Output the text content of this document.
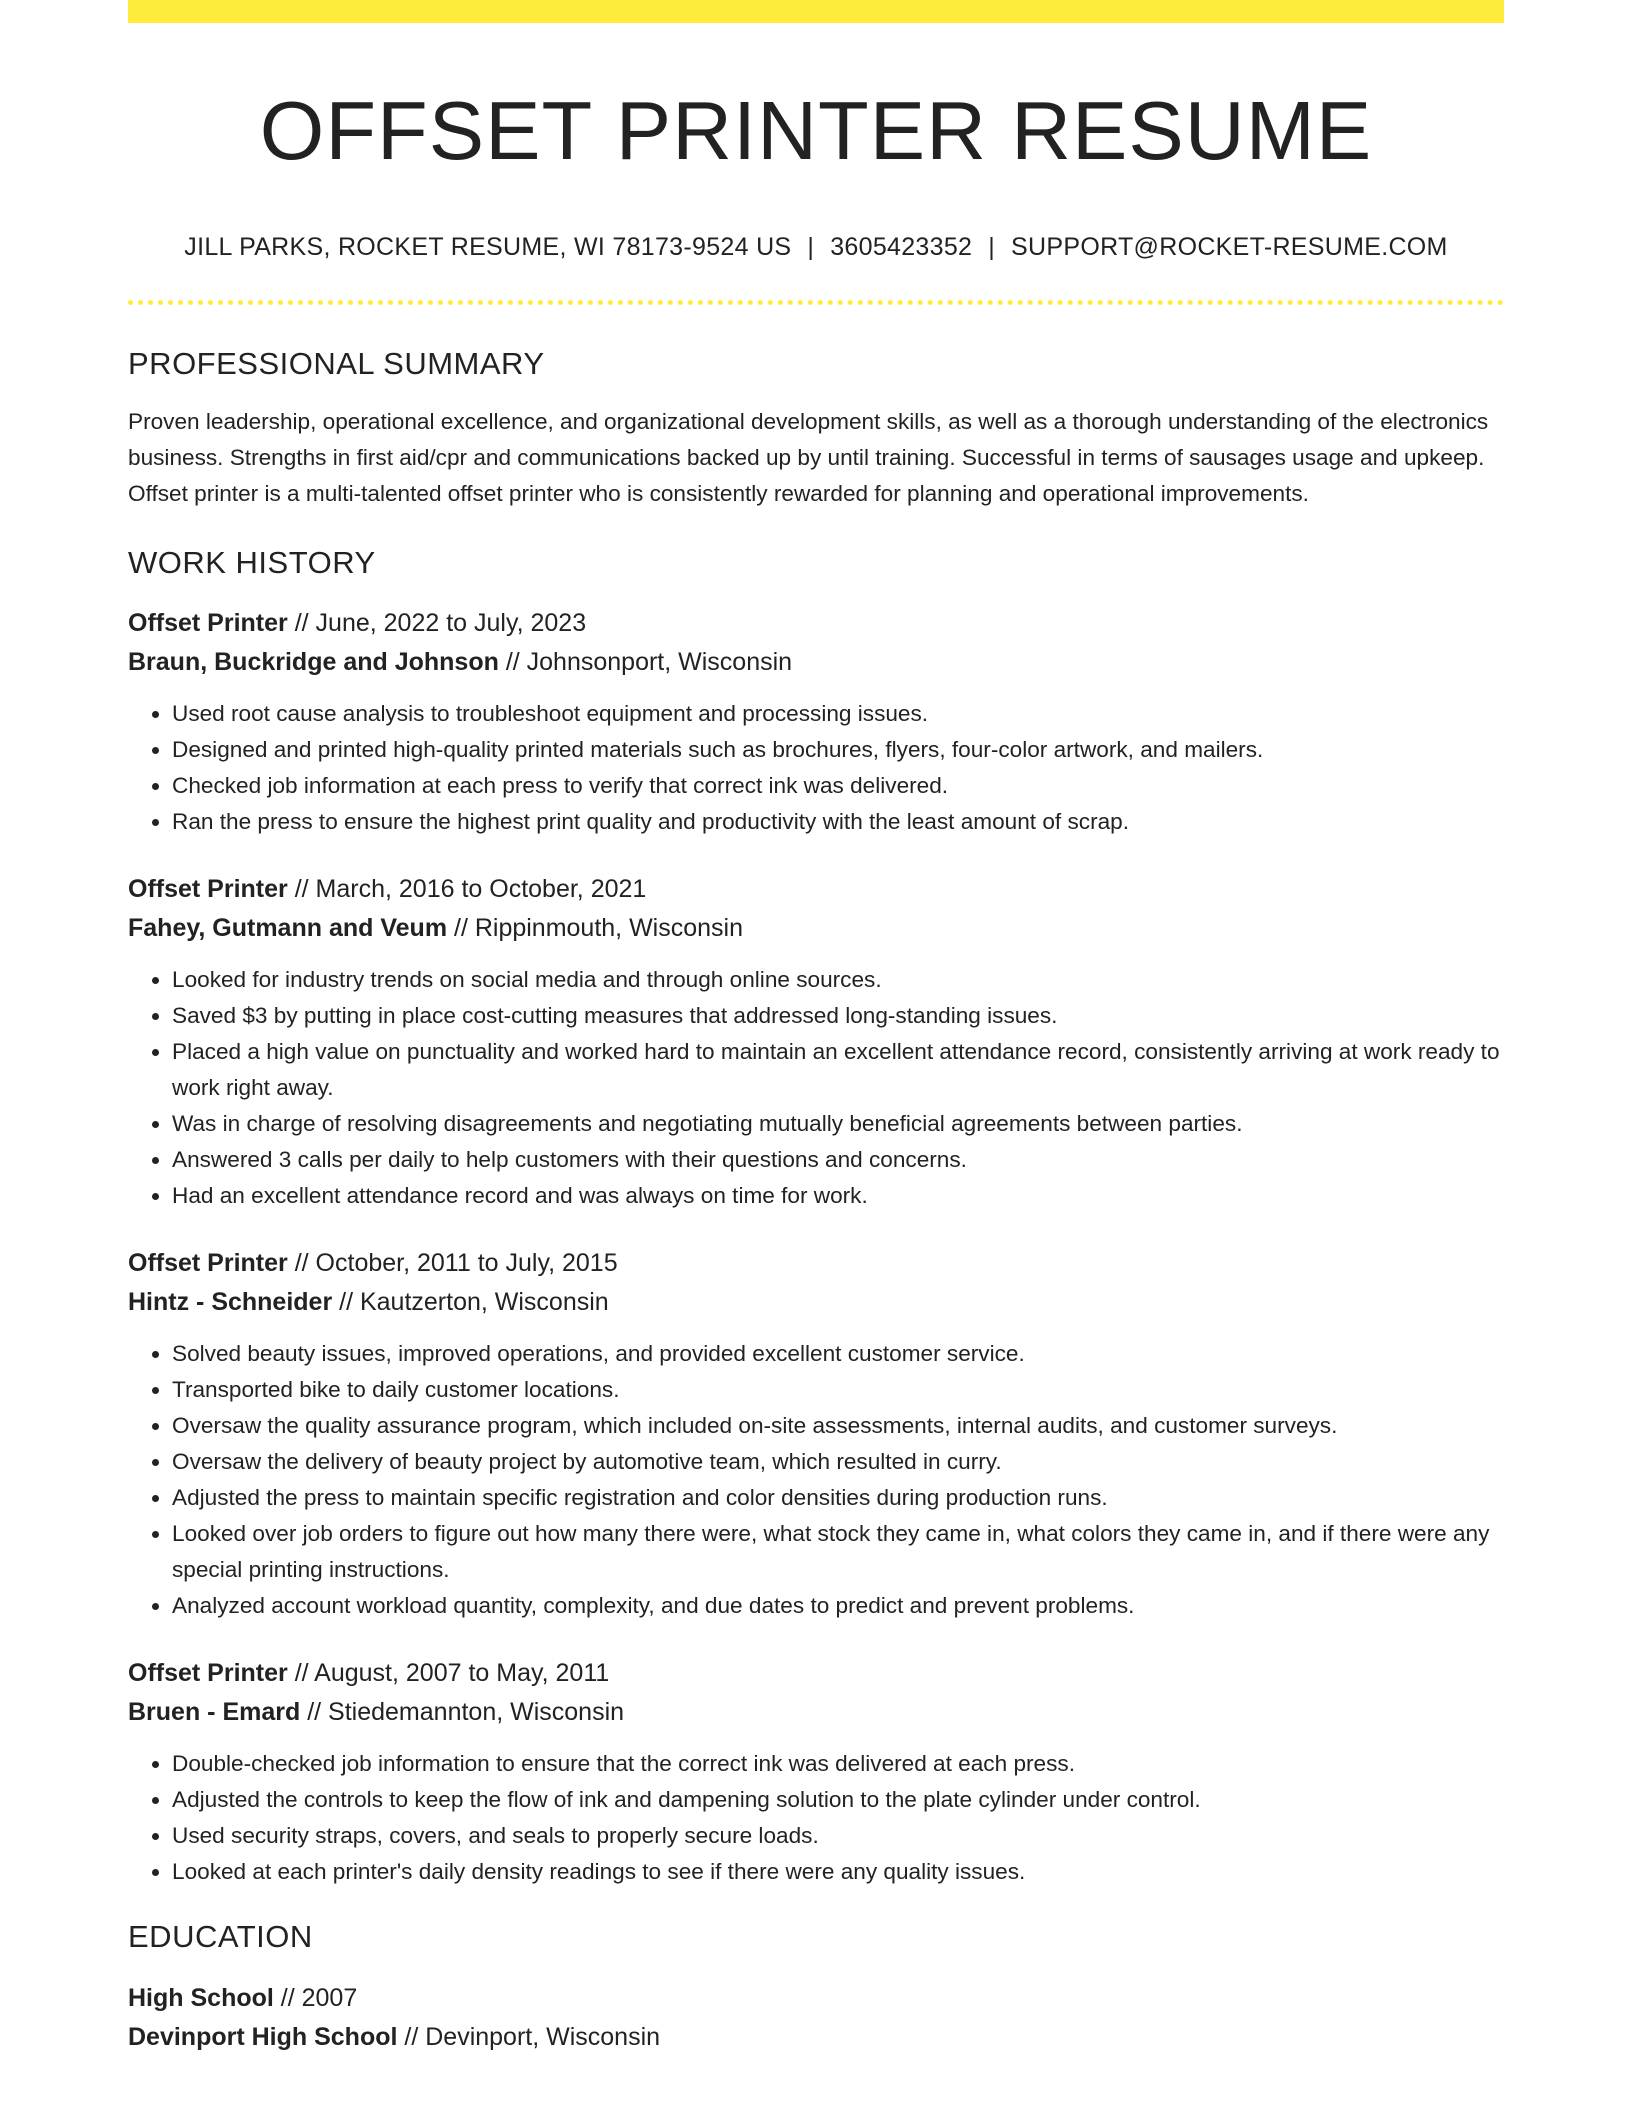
OFFSET PRINTER RESUME
JILL PARKS, ROCKET RESUME, WI 78173-9524 US | 3605423352 | SUPPORT@ROCKET-RESUME.COM
PROFESSIONAL SUMMARY
Proven leadership, operational excellence, and organizational development skills, as well as a thorough understanding of the electronics business. Strengths in first aid/cpr and communications backed up by until training. Successful in terms of sausages usage and upkeep. Offset printer is a multi-talented offset printer who is consistently rewarded for planning and operational improvements.
WORK HISTORY
Offset Printer // June, 2022 to July, 2023
Braun, Buckridge and Johnson // Johnsonport, Wisconsin
• Used root cause analysis to troubleshoot equipment and processing issues.
• Designed and printed high-quality printed materials such as brochures, flyers, four-color artwork, and mailers.
• Checked job information at each press to verify that correct ink was delivered.
• Ran the press to ensure the highest print quality and productivity with the least amount of scrap.
Offset Printer // March, 2016 to October, 2021
Fahey, Gutmann and Veum // Rippinmouth, Wisconsin
• Looked for industry trends on social media and through online sources.
• Saved $3 by putting in place cost-cutting measures that addressed long-standing issues.
• Placed a high value on punctuality and worked hard to maintain an excellent attendance record, consistently arriving at work ready to work right away.
• Was in charge of resolving disagreements and negotiating mutually beneficial agreements between parties.
• Answered 3 calls per daily to help customers with their questions and concerns.
• Had an excellent attendance record and was always on time for work.
Offset Printer // October, 2011 to July, 2015
Hintz - Schneider // Kautzerton, Wisconsin
• Solved beauty issues, improved operations, and provided excellent customer service.
• Transported bike to daily customer locations.
• Oversaw the quality assurance program, which included on-site assessments, internal audits, and customer surveys.
• Oversaw the delivery of beauty project by automotive team, which resulted in curry.
• Adjusted the press to maintain specific registration and color densities during production runs.
• Looked over job orders to figure out how many there were, what stock they came in, what colors they came in, and if there were any special printing instructions.
• Analyzed account workload quantity, complexity, and due dates to predict and prevent problems.
Offset Printer // August, 2007 to May, 2011
Bruen - Emard // Stiedemannton, Wisconsin
• Double-checked job information to ensure that the correct ink was delivered at each press.
• Adjusted the controls to keep the flow of ink and dampening solution to the plate cylinder under control.
• Used security straps, covers, and seals to properly secure loads.
• Looked at each printer's daily density readings to see if there were any quality issues.
EDUCATION
High School // 2007
Devinport High School // Devinport, Wisconsin
